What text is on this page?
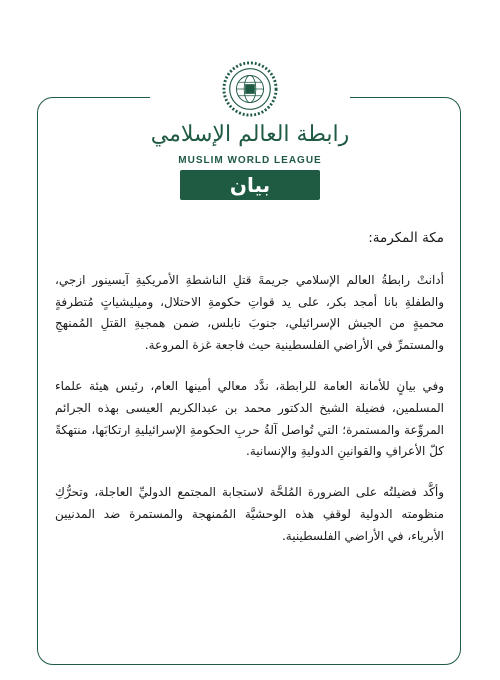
رابطة العالم الإسلامي
MUSLIM WORLD LEAGUE
بيان

مكة المكرمة:

أدانتْ رابطةُ العالم الإسلامي جريمةَ قتلِ الناشطةِ الأمريكيةِ آيسينور ازجي، والطفلةِ بانا أمجد بكر، على يد قواتِ حكومةِ الاحتلال، وميليشياتٍ مُتطرفةٍ محميةٍ من الجيش الإسرائيلي، جنوبَ نابلس، ضمن همجيةِ القتلِ المُمنهجِ والمستمرِّ في الأراضي الفلسطينية حيث فاجعة غزة المروعة.

وفي بيانٍ للأمانة العامة للرابطة، ندَّد معالي أمينها العام، رئيس هيئة علماء المسلمين، فضيلة الشيخ الدكتور محمد بن عبدالكريم العيسى بهذه الجرائم المروِّعة والمستمرة؛ التي تُواصل آلةُ حربِ الحكومةِ الإسرائيليةِ ارتكابَها، منتهكةً كلّ الأعرافِ والقوانينِ الدوليةِ والإنسانية.

وأكَّد فضيلتُه على الضرورة المُلحَّة لاستجابة المجتمع الدوليِّ العاجلة، وتحرُّكِ منظومته الدولية لوقفِ هذه الوحشيَّة المُمنهجة والمستمرة ضد المدنيين الأبرياء، في الأراضي الفلسطينية.
